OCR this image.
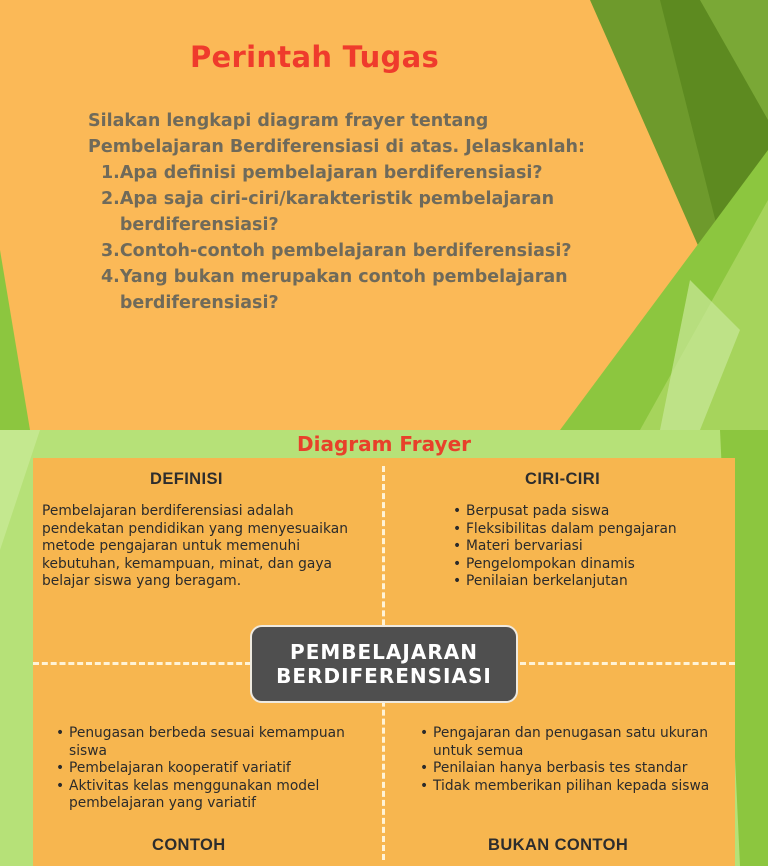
Perintah Tugas
Silakan lengkapi diagram frayer tentang Pembelajaran Berdiferensiasi di atas. Jelaskanlah:
1. Apa definisi pembelajaran berdiferensiasi?
2. Apa saja ciri-ciri/karakteristik pembelajaran berdiferensiasi?
3. Contoh-contoh pembelajaran berdiferensiasi?
4. Yang bukan merupakan contoh pembelajaran berdiferensiasi?
Diagram Frayer
DEFINISI
Pembelajaran berdiferensiasi adalah pendekatan pendidikan yang menyesuaikan metode pengajaran untuk memenuhi kebutuhan, kemampuan, minat, dan gaya belajar siswa yang beragam.
CIRI-CIRI
• Berpusat pada siswa
• Fleksibilitas dalam pengajaran
• Materi bervariasi
• Pengelompokan dinamis
• Penilaian berkelanjutan
PEMBELAJARAN
BERDIFERENSIASI
• Penugasan berbeda sesuai kemampuan siswa
• Pembelajaran kooperatif variatif
• Aktivitas kelas menggunakan model pembelajaran yang variatif
CONTOH
• Pengajaran dan penugasan satu ukuran untuk semua
• Penilaian hanya berbasis tes standar
• Tidak memberikan pilihan kepada siswa
BUKAN CONTOH
